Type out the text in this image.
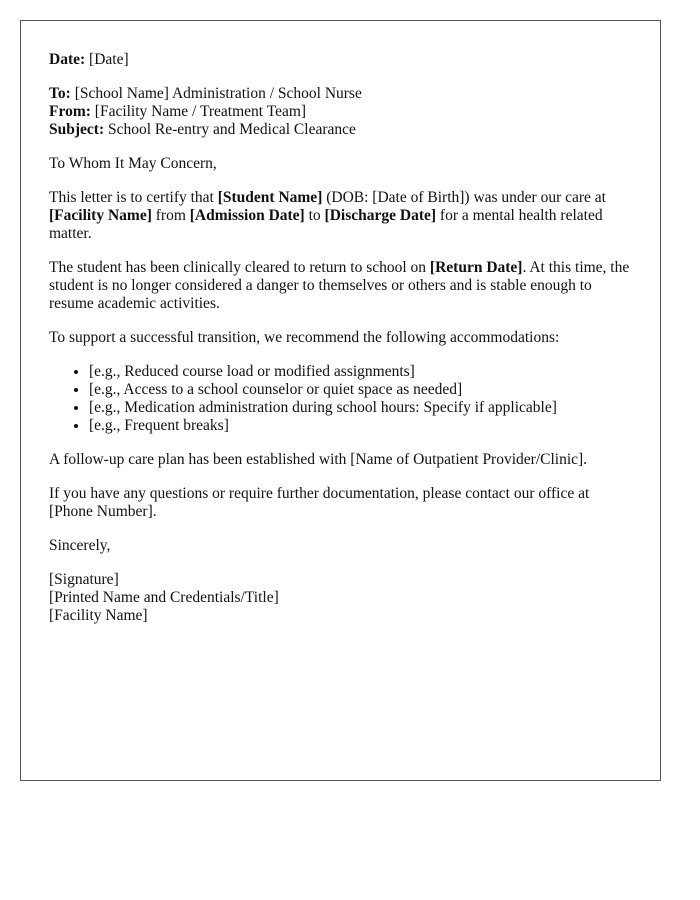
Date: [Date]

To: [School Name] Administration / School Nurse
From: [Facility Name / Treatment Team]
Subject: School Re-entry and Medical Clearance

To Whom It May Concern,

This letter is to certify that [Student Name] (DOB: [Date of Birth]) was under our care at [Facility Name] from [Admission Date] to [Discharge Date] for a mental health related matter.

The student has been clinically cleared to return to school on [Return Date]. At this time, the student is no longer considered a danger to themselves or others and is stable enough to resume academic activities.

To support a successful transition, we recommend the following accommodations:

• [e.g., Reduced course load or modified assignments]
• [e.g., Access to a school counselor or quiet space as needed]
• [e.g., Medication administration during school hours: Specify if applicable]
• [e.g., Frequent breaks]

A follow-up care plan has been established with [Name of Outpatient Provider/Clinic].

If you have any questions or require further documentation, please contact our office at [Phone Number].

Sincerely,

[Signature]
[Printed Name and Credentials/Title]
[Facility Name]
